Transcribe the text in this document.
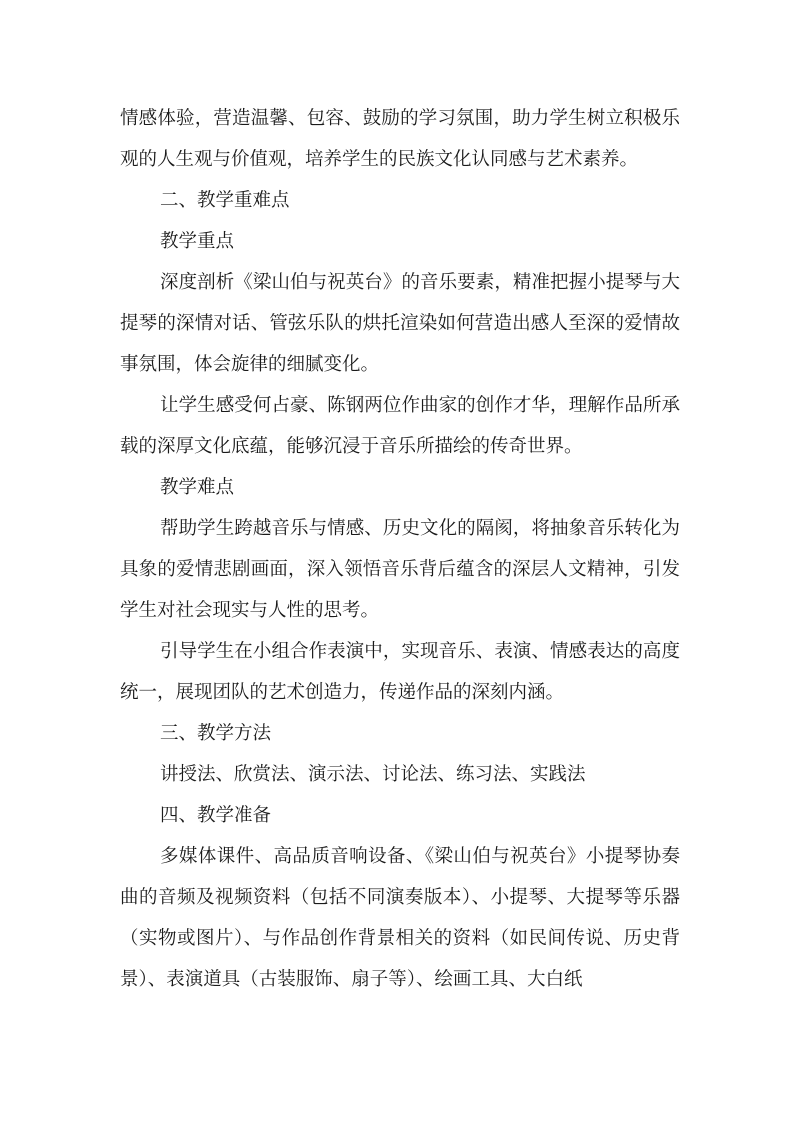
情感体验，营造温馨、包容、鼓励的学习氛围，助力学生树立积极乐
观的人生观与价值观，培养学生的民族文化认同感与艺术素养。
二、教学重难点
教学重点
深度剖析《梁山伯与祝英台》的音乐要素，精准把握小提琴与大
提琴的深情对话、管弦乐队的烘托渲染如何营造出感人至深的爱情故
事氛围，体会旋律的细腻变化。
让学生感受何占豪、陈钢两位作曲家的创作才华，理解作品所承
载的深厚文化底蕴，能够沉浸于音乐所描绘的传奇世界。
教学难点
帮助学生跨越音乐与情感、历史文化的隔阂，将抽象音乐转化为
具象的爱情悲剧画面，深入领悟音乐背后蕴含的深层人文精神，引发
学生对社会现实与人性的思考。
引导学生在小组合作表演中，实现音乐、表演、情感表达的高度
统一，展现团队的艺术创造力，传递作品的深刻内涵。
三、教学方法
讲授法、欣赏法、演示法、讨论法、练习法、实践法
四、教学准备
多媒体课件、高品质音响设备、《梁山伯与祝英台》小提琴协奏
曲的音频及视频资料（包括不同演奏版本）、小提琴、大提琴等乐器
（实物或图片）、与作品创作背景相关的资料（如民间传说、历史背
景）、表演道具（古装服饰、扇子等）、绘画工具、大白纸
